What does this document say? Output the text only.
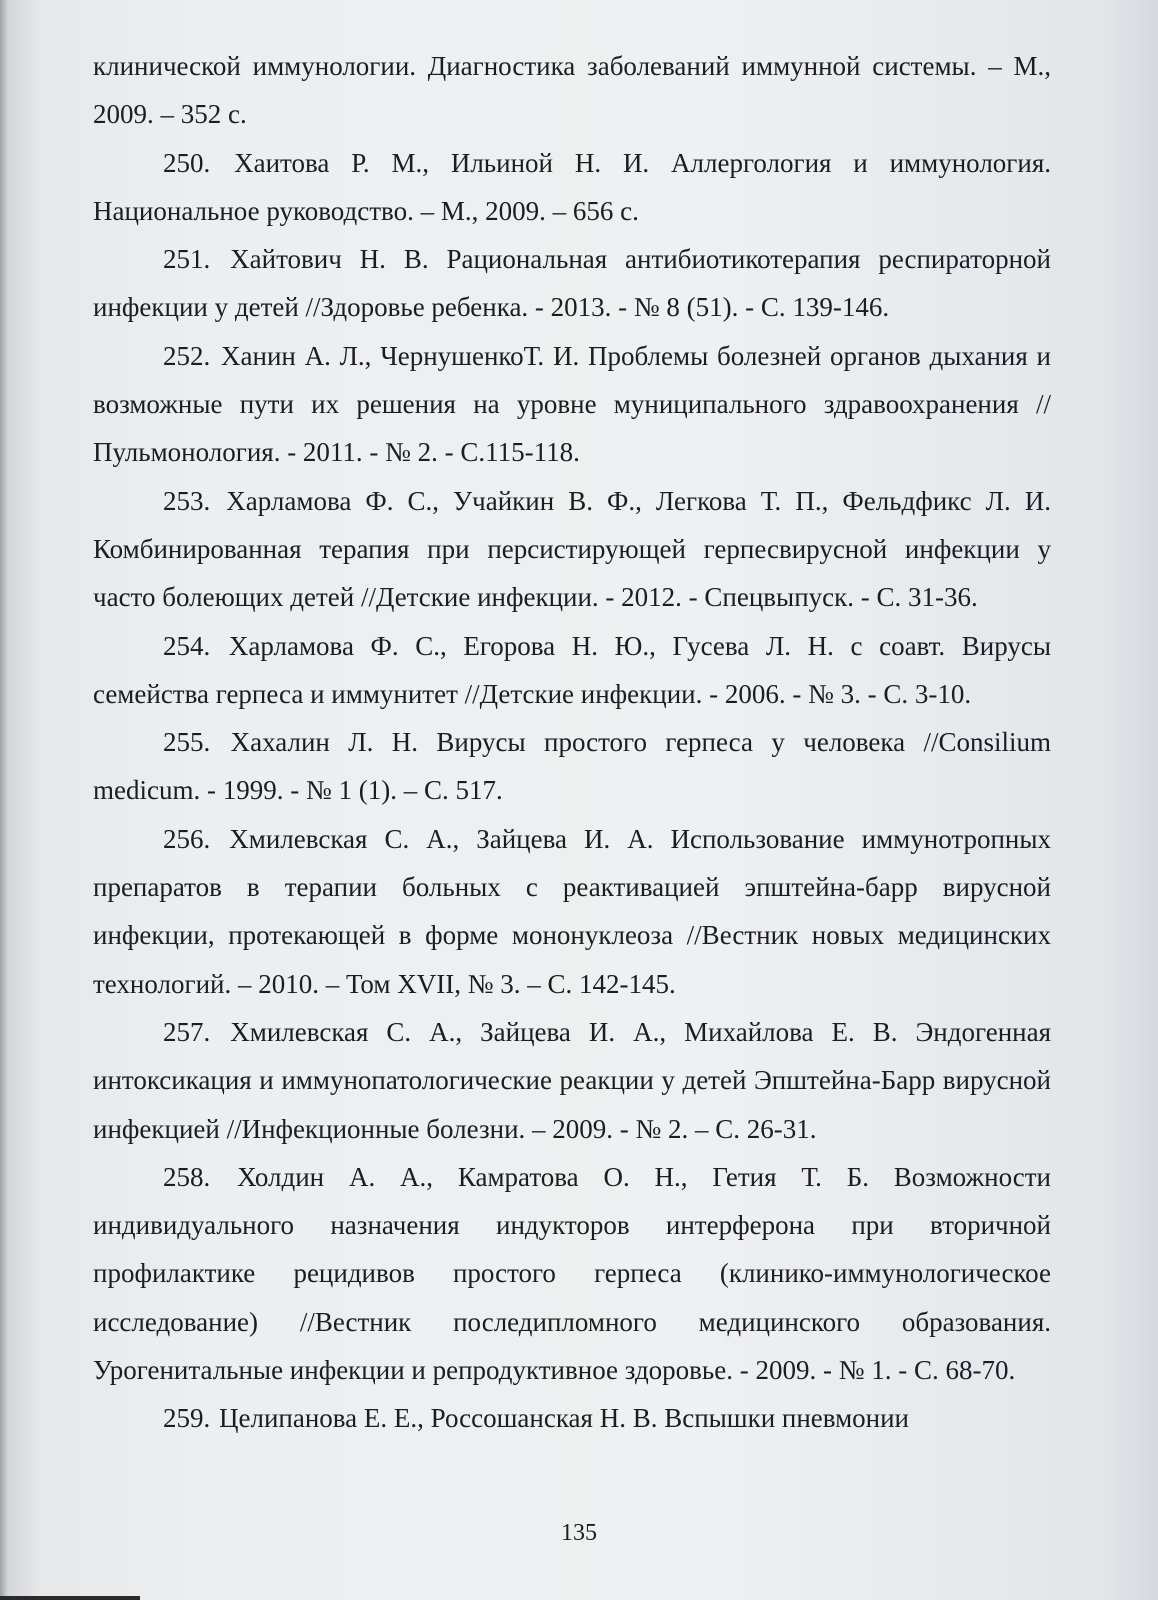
клинической иммунологии. Диагностика заболеваний иммунной системы. – М., 2009. – 352 с.

250. Хаитова Р. М., Ильиной Н. И. Аллергология и иммунология. Национальное руководство. – М., 2009. – 656 с.

251. Хайтович Н. В. Рациональная антибиотикотерапия респираторной инфекции у детей //Здоровье ребенка. - 2013. - № 8 (51). - С. 139-146.

252. Ханин А. Л., ЧернушенкоТ. И. Проблемы болезней органов дыхания и возможные пути их решения на уровне муниципального здравоохранения //Пульмонология. - 2011. - № 2. - С.115-118.

253. Харламова Ф. С., Учайкин В. Ф., Легкова Т. П., Фельдфикс Л. И. Комбинированная терапия при персистирующей герпесвирусной инфекции у часто болеющих детей //Детские инфекции. - 2012. - Спецвыпуск. - С. 31-36.

254. Харламова Ф. С., Егорова Н. Ю., Гусева Л. Н. с соавт. Вирусы семейства герпеса и иммунитет //Детские инфекции. - 2006. - № 3. - С. 3-10.

255. Хахалин Л. Н. Вирусы простого герпеса у человека //Consilium medicum. - 1999. - № 1 (1). – С. 517.

256. Хмилевская С. А., Зайцева И. А. Использование иммунотропных препаратов в терапии больных с реактивацией эпштейна-барр вирусной инфекции, протекающей в форме мононуклеоза //Вестник новых медицинских технологий. – 2010. – Том XVII, № 3. – С. 142-145.

257. Хмилевская С. А., Зайцева И. А., Михайлова Е. В. Эндогенная интоксикация и иммунопатологические реакции у детей Эпштейна-Барр вирусной инфекцией //Инфекционные болезни. – 2009. - № 2. – С. 26-31.

258. Холдин А. А., Камратова О. Н., Гетия Т. Б. Возможности индивидуального назначения индукторов интерферона при вторичной профилактике рецидивов простого герпеса (клинико-иммунологическое исследование) //Вестник последипломного медицинского образования. Урогенитальные инфекции и репродуктивное здоровье. - 2009. - № 1. - С. 68-70.

259. Целипанова Е. Е., Россошанская Н. В. Вспышки пневмонии

135
